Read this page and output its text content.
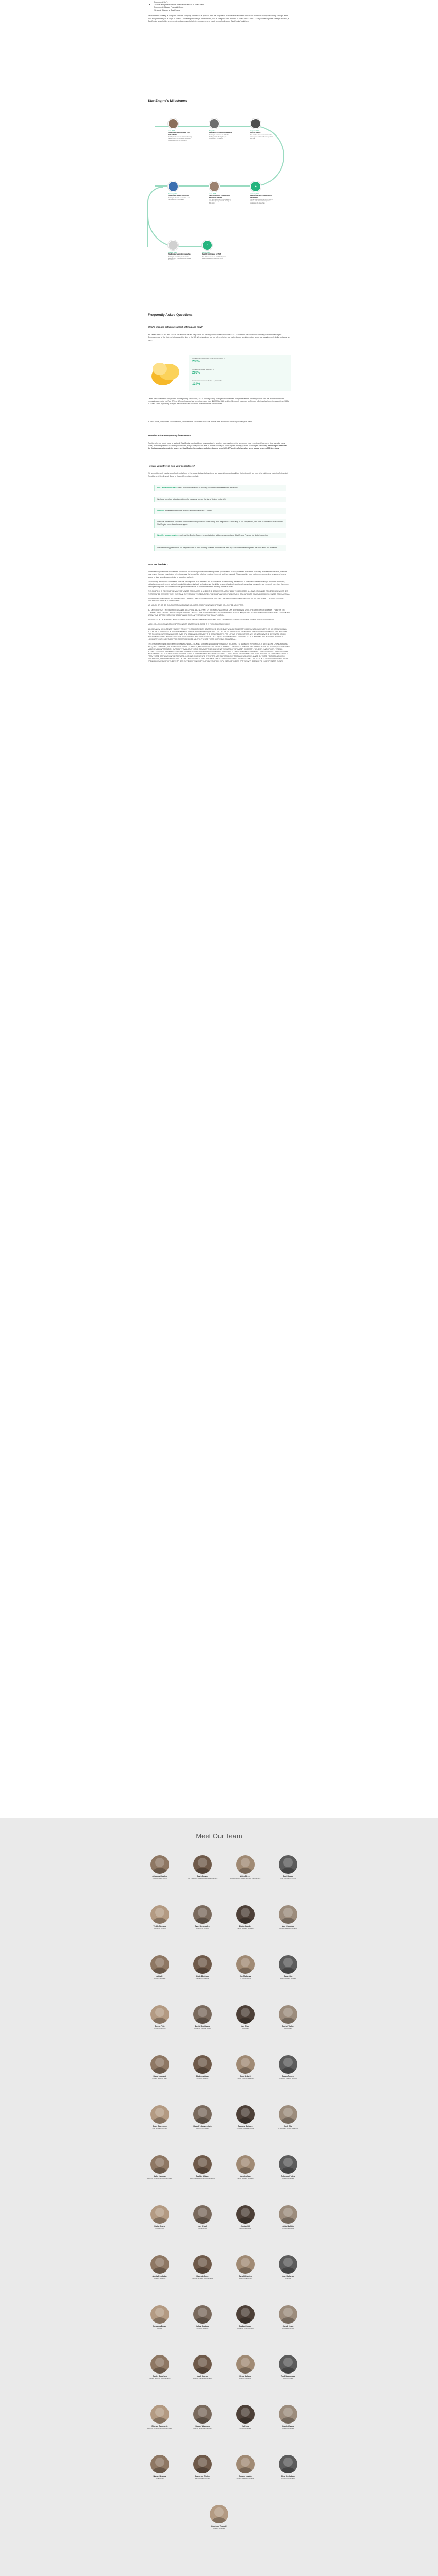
• Founder of SoFi.
• TV host and personality on shows such as ABC's Shark Tank
• Founder of O'Leary Financial Group
• Strategic Advisor at StartEngine

Kevin founded SoftKey, a computer software company. That led to a $4B exit after the acquisition. Kevin eventually found himself on television: quickly becoming a sought-after host and personality on a range of shows — including Discovery's Project Earth, CBC's Dragons' Den, and ABC's Shark Tank. Kevin O'Leary is StartEngine's Strategic Advisor, a StartEngine shareholder and a great spokesperson to help bring awareness to equity crowdfunding and StartEngine's platform.

StartEngine's Milestones
June 2015
StartEngine launched with Front Row Bundles
Start Engine launched its first crowdfunding platform, offers first successful Regulation CF offerings before the first listing
May 2016
Regulation Crowdfunding Begins
StartEngine becomes one of the first funding portals offering Reg CF crowdfunding for startups
August 2017
$60.6M Raised
The number of issuers and total funding raised grows substantially on the platform this year
★
January 2018
First blockchain crowdfunding campaigns
StartEngine launches campaigns offering tokens on its platform for companies working on the blockchain
June 2018
SEC Regulation Crowdfunding Exemption Raised
The SEC raised the limit companies can raise through Regulation A+ offerings to $50 million
February 2019
StartEngine Secure Launched
StartEngine offers its services for a new SEC-registered transfer agent
October 2020
StartEngine Secondary launches
StartEngine Secondary, an alternative trading system, enables investors to trade their shares
✓
March 2021
Reg CF Limit raised to $5M
The SEC increase to the crowdfunding limit allows companies to raise more capital
Frequently Asked Questions
What's changed between your last offering and now?

We raised over $18.8M at a $4.07B valuation in our last Regulation A+ offering, which closed in October 2020. Since then, we acquired our trading platform StartEngine Secondary, one of the first marketplaces of its kind in the US. We also closed out our offering before we had released any information about our annual growth. In the last year we have:

Increased the revenue share on the Reg CF investor by
236%
Increased the number of investors by
293%
Increased the revenue on the Reg A+ platform by
134%

Cases also accelerated our growth, and beginning March 15th, 2021, new regulatory changes will accelerate our growth further. Starting March 15th, the maximum amount companies can raise via Reg CF in a 12-month period has been increased from $1.07M to $5M, and the 12-month maximum for Reg A+ offerings has been increased from $50M to $75M. These regulatory changes also increase the 12-month investment limit for investors.

In other words, companies can raise more, and investors can invest more. We believe that also means StartEngine can grow faster.

How do I make money on my investment?

Traditionally, you would have to wait until StartEngine went public or was acquired by another business to receive a return on your investment (a process that can take many years). Both are possible in StartEngine's future, but you may also be able to access liquidity on StartEngine's trading platform StartEngine Secondary. StartEngine itself was the first company to quote its shares on StartEngine Secondary, and since launch, over $655,377 worth of shares has been traded between 770 investors.

How are you different from your competitors?

We are not the only equity crowdfunding platform in the space, but we believe there are several important qualities that distinguish us from other platforms, including Netcapital, Republic, and SeedInvest. Some of those differentiators include:

Our CEO Howard Marks has a proven track record of building successful businesses with decisions.
We have launched a trading platform for investors, one of the first of its kind in the US.
We have increased businesses from 17 users to over 600,000 users.
We have raised more capital for companies via Regulation Crowdfunding and Regulation A+ than any of our competitors, and 92% of companies that come to StartEngine come back to raise again.
We offer unique services, such as StartEngine Secure for capitalization table management and StartEngine Promote for digital marketing.
We are the only platform on our Regulation A+ to raise funding for itself, and we have over 30,000 shareholders to spread the word about our business.
What are the risks?

A crowdfunding investment involves risk. You should not invest any funds in this offering unless you can afford to lose your entire investment. In making an investment decision, investors must rely on their own examination of the issuer and the terms of the offering, including the merits and risks involved. These securities have not been recommended or approved by any federal or state securities commission or regulatory authority.

The company is subject to all the same risks that all companies in its business, and all companies in the economy, are exposed to. These include risks relating to economic downturns, political and economic events and technological developments (such as hacking and the ability to prevent hacking). Additionally, early-stage companies are inherently more risky than more developed companies. You should consider general risks as well as specific risks when deciding whether to invest.

THE COMPANY IS "TESTING THE WATERS" UNDER REGULATION A UNDER THE SECURITIES ACT OF 1933. THIS PROCESS ALLOWS COMPANIES TO DETERMINE WHETHER THERE MAY BE INTEREST IN AN EVENTUAL OFFERING OF ITS SECURITIES. THE COMPANY IS NOT UNDER ANY OBLIGATION TO MAKE AN OFFERING UNDER REGULATION A.

AN OFFERING STATEMENT REGARDING THIS OFFERING HAS BEEN FILED WITH THE SEC. THE PRELIMINARY OFFERING CIRCULAR THAT IS PART OF THAT OFFERING STATEMENT CAN BE ACCESSED HERE.

NO MONEY OR OTHER CONSIDERATION IS BEING SOLICITED, AND IF SENT IN RESPONSE, WILL NOT BE ACCEPTED.

NO OFFER TO BUY THE SECURITIES CAN BE ACCEPTED AND NO PART OF THE PURCHASE PRICE CAN BE RECEIVED UNTIL THE OFFERING STATEMENT FILED BY THE COMPANY WITH THE SEC HAS BEEN QUALIFIED BY THE SEC. ANY SUCH OFFER MAY BE WITHDRAWN OR REVOKED, WITHOUT OBLIGATION OR COMMITMENT OF ANY KIND, AT ANY TIME BEFORE NOTICE OF ACCEPTANCE GIVEN AFTER THE DATE OF QUALIFICATION.

AN INDICATION OF INTEREST INVOLVES NO OBLIGATION OR COMMITMENT OF ANY KIND. "RESERVING" SHARES IS SIMPLY AN INDICATION OF INTEREST.

MARK COLLINS IS A PAID SPOKESPERSON FOR STARTENGINE. READ IT IN THE DISCLOSURE HERE.

A COMPANY WHICH INTENDS TO APPLY TO LIST ITS SECURITIES ON STARTENGINE SECONDARY WILL BE SUBJECT TO CERTAIN REQUIREMENTS WHICH IT MAY OR MAY NOT BE ABLE TO SATISFY IN A TIMELY MANNER. EVEN IF A COMPANY IS QUALIFIED TO LIST ITS SECURITIES ON THE MARKET, THERE IS NO GUARANTEE THAT A DEMAND FOR THOSE SECURITIES WILL EXIST. EVEN IF A COMPANY DOES MEET THE REQUIREMENTS FOR LISTING ITS SECURITIES, WE DO NOT KNOW THE EXTENT TO WHICH INVESTOR INTEREST WILL LEAD TO THE DEVELOPMENT AND MAINTENANCE OF A LIQUID TRADING MARKET. YOU SHOULD NOT ASSUME THAT YOU WILL BE ABLE TO LIQUIDATE YOUR INVESTMENT FOR SOME TIME OR BE ABLE TO PLEDGE THESE SHARES AS COLLATERAL.

THIS INFORMATION HEREIN MAY CONTAIN FORWARD-LOOKING STATEMENTS AND INFORMATION RELATING TO, AMONG OTHER THINGS, STARTENGINE CROWDFUNDING INC. (THE "COMPANY"), ITS BUSINESS PLAN AND STRATEGY, AND ITS INDUSTRY. THESE FORWARD-LOOKING STATEMENTS ARE BASED ON THE BELIEFS OF, ASSUMPTIONS MADE BY, AND INFORMATION CURRENTLY AVAILABLE TO THE COMPANY'S MANAGEMENT. THE WORDS "ESTIMATE", "PROJECT", "BELIEVE", "ANTICIPATE", "INTEND", "EXPECT" AND SIMILAR EXPRESSIONS ARE INTENDED TO IDENTIFY FORWARD-LOOKING STATEMENTS. THESE STATEMENTS REFLECT MANAGEMENT'S CURRENT VIEWS WITH RESPECT TO FUTURE EVENTS AND ARE SUBJECT TO RISKS AND UNCERTAINTIES THAT COULD CAUSE THE COMPANY'S ACTUAL RESULTS TO DIFFER MATERIALLY FROM THOSE CONTAINED IN THE FORWARD-LOOKING STATEMENTS. INVESTORS ARE CAUTIONED NOT TO PLACE UNDUE RELIANCE ON THOSE FORWARD-LOOKING STATEMENTS, WHICH SPEAK ONLY AS OF THE DATE ON WHICH THEY ARE MADE. THE COMPANY DOES NOT UNDERTAKE ANY OBLIGATION TO REVISE OR UPDATE THESE FORWARD-LOOKING STATEMENTS TO REFLECT EVENTS OR CIRCUMSTANCES AFTER SUCH DATE OR TO REFLECT THE OCCURRENCE OF UNANTICIPATED EVENTS.

Meet Our Team
Johanna Cloutier
Chief Marketing Officer
Josh Amster
Vice President, Sales & Business Development
Allen Meyer
Vice President, Sales & Business Development
Joel Moyes
Chief Compliance Officer
Teddy Navarro
Director of Funding
Ryan Desmoulers
Director of Funding
Blaine Crosby
Senior Software Engineer
Max Crawford
Content Marketing Manager
Ali Jafri
Software Engineer
Katie Betchan
Onboarding Manager
Joe Mathews
VP of Engineering
Ryan Kim
Senior Software Engineer
Devyn Fisk
Account Executive
David Rodriguez
Director of Funding Growth
Jay Chen
Accountant
Rachel Welker
Accountant
David Leonard
Investor Services Team
Matthew Quan
Funding Strategist
Amir Sedghi
Senior Funding Strategist
Becca Rogers
Director of Investor Services
Aron Claessens
Staff Software Engineer
Hajer Pedersen-Jack
Head of Partnerships
Gaurang Sathaye
Principal Software Engineer
Josh Chu
Sr. Manager, Growth Marketing
Kallie Nasman
Business Development Representative
Sophie Walsen
Business Development Representative
Yannick Sag
Senior Software Engineer
Rebecca Pinteo
Funding Strategist
Dario Chang
Creative Lead
Jay Patel
Test Engineer
Jordan Hill
Account Executive
Julia Bulldin
Account Executive
Alexis Pendleton
Funding Strategist
Hannah Cope
Investor Services Representative
Dwight Darden
Senior Test Engineer
Jon Halloran
Counsel
Susanna Bryan
Counsel
Kelley Greiafec
Funding Strategist
Parker Cosbie
Director of Funding Growth
Jacob Kram
Software Engineer
Daniel Beachem
Investor Services Representative
Noah Ingram
Funding Operations Manager
Kerry Dallaire
Director of Funding
Tim Ebeemwagu
Head of Product
Biselge Bunmonie
Business Development Representative
Shawn Wamugu
Director of Investor Services
Yu Fung
Funding Strategist
Carrie Zhang
Funding Strategist
Nahan Beaires
UX Engineer
Cameron Ehrlich
Staff Software Engineer
Connor Laskin
Content Marketing Manager
Alina Kotliatskiy
Onboarding Manager
Morrison Toomath
Funding Strategist
